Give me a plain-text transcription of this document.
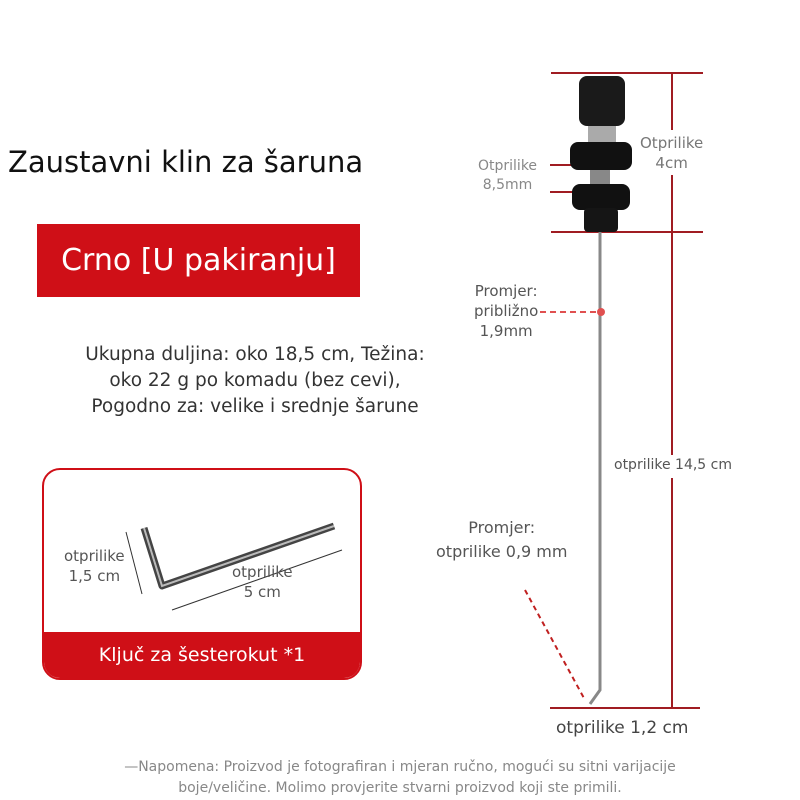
Zaustavni klin za šaruna
Crno [U pakiranju]
Ukupna duljina: oko 18,5 cm, Težina:
oko 22 g po komadu (bez cevi),
Pogodno za: velike i srednje šarune
otprilike
1,5 cm	otprilike
5 cm
Ključ za šesterokut *1
Otprilike
8,5mm
Otprilike
4cm
Promjer:
približno
1,9mm
otprilike 14,5 cm
Promjer:
otprilike 0,9 mm
otprilike 1,2 cm
—Napomena: Proizvod je fotografiran i mjeran ručno, mogući su sitni varijacije
boje/veličine. Molimo provjerite stvarni proizvod koji ste primili.
